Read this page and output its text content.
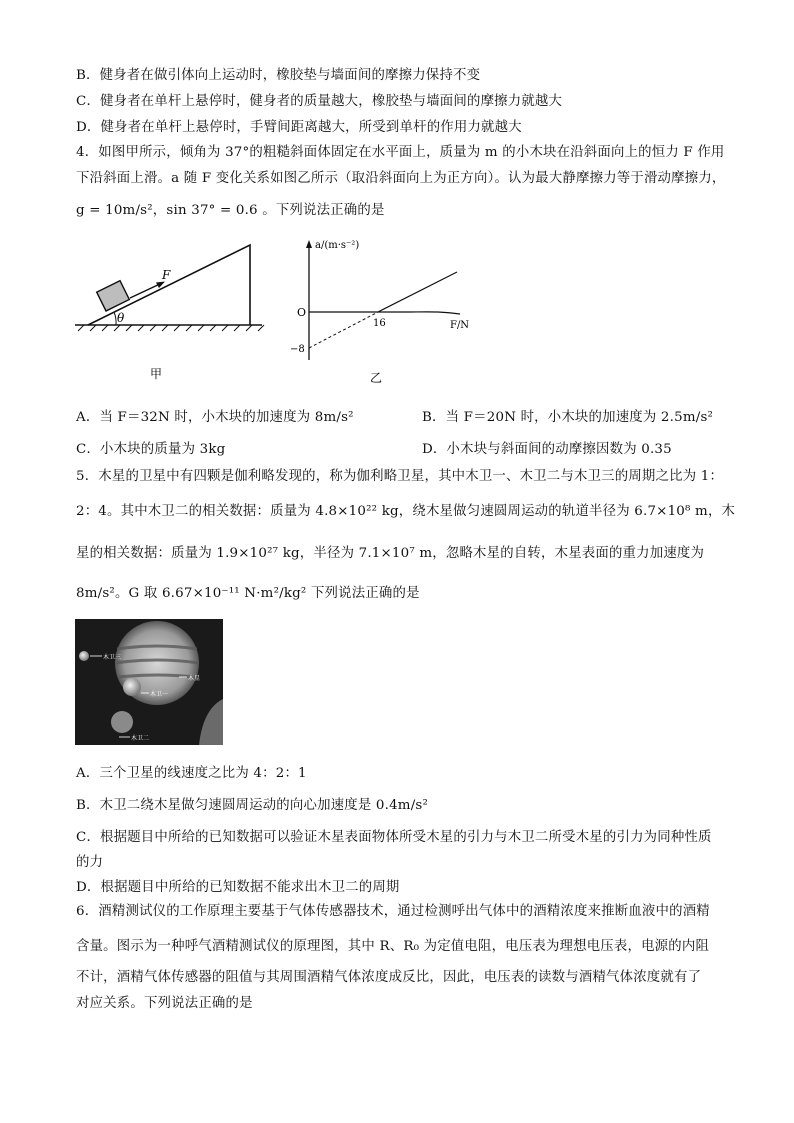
B．健身者在做引体向上运动时，橡胶垫与墙面间的摩擦力保持不变
C．健身者在单杆上悬停时，健身者的质量越大，橡胶垫与墙面间的摩擦力就越大
D．健身者在单杆上悬停时，手臂间距离越大，所受到单杆的作用力就越大
4．如图甲所示，倾角为 37°的粗糙斜面体固定在水平面上，质量为 m 的小木块在沿斜面向上的恒力 F 作用
下沿斜面上滑。a 随 F 变化关系如图乙所示（取沿斜面向上为正方向）。认为最大静摩擦力等于滑动摩擦力，
g = 10m/s²，sin 37° = 0.6 。下列说法正确的是
θ
F
甲
a/(m·s⁻²)
O
F/N
16
−8
乙
A．当 F＝32N 时，小木块的加速度为 8m/s²	B．当 F＝20N 时，小木块的加速度为 2.5m/s²
C．小木块的质量为 3kg	D．小木块与斜面间的动摩擦因数为 0.35
5．木星的卫星中有四颗是伽利略发现的，称为伽利略卫星，其中木卫一、木卫二与木卫三的周期之比为 1：
2：4。其中木卫二的相关数据：质量为 4.8×10²² kg，绕木星做匀速圆周运动的轨道半径为 6.7×10⁸ m，木
星的相关数据：质量为 1.9×10²⁷ kg，半径为 7.1×10⁷ m，忽略木星的自转，木星表面的重力加速度为
8m/s²。G 取 6.67×10⁻¹¹ N·m²/kg² 下列说法正确的是
木卫三
木星
木卫一
木卫二
A．三个卫星的线速度之比为 4：2：1
B．木卫二绕木星做匀速圆周运动的向心加速度是 0.4m/s²
C．根据题目中所给的已知数据可以验证木星表面物体所受木星的引力与木卫二所受木星的引力为同种性质
的力
D．根据题目中所给的已知数据不能求出木卫二的周期
6．酒精测试仪的工作原理主要基于气体传感器技术，通过检测呼出气体中的酒精浓度来推断血液中的酒精
含量。图示为一种呼气酒精测试仪的原理图，其中 R、R₀ 为定值电阻，电压表为理想电压表，电源的内阻
不计，酒精气体传感器的阻值与其周围酒精气体浓度成反比，因此，电压表的读数与酒精气体浓度就有了
对应关系。下列说法正确的是
